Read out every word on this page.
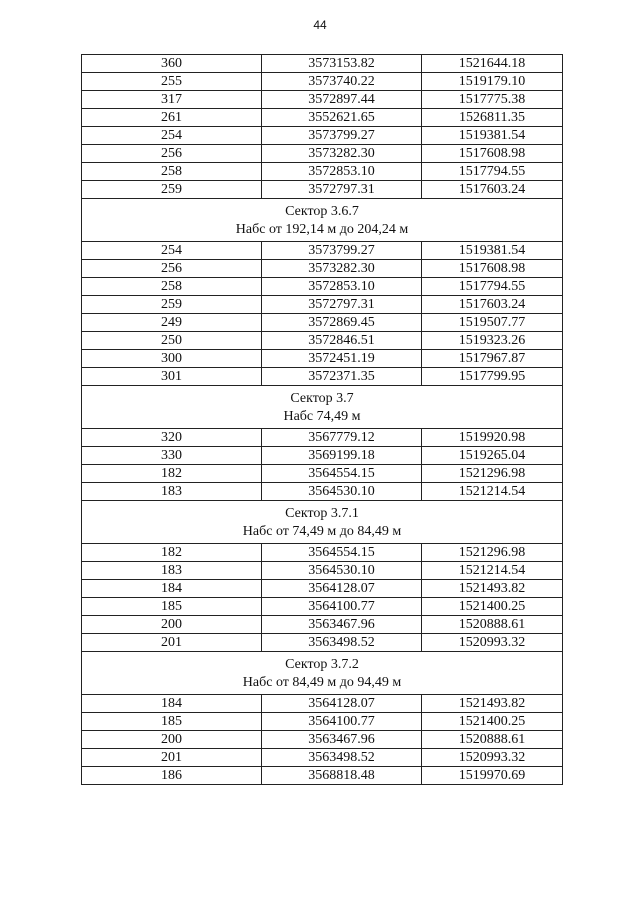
44
360	3573153.82	1521644.18
255	3573740.22	1519179.10
317	3572897.44	1517775.38
261	3552621.65	1526811.35
254	3573799.27	1519381.54
256	3573282.30	1517608.98
258	3572853.10	1517794.55
259	3572797.31	1517603.24

Сектор 3.6.7
Набс от 192,14 м до 204,24 м		

254	3573799.27	1519381.54
256	3573282.30	1517608.98
258	3572853.10	1517794.55
259	3572797.31	1517603.24
249	3572869.45	1519507.77
250	3572846.51	1519323.26
300	3572451.19	1517967.87
301	3572371.35	1517799.95

Сектор 3.7
Набс 74,49 м		

320	3567779.12	1519920.98
330	3569199.18	1519265.04
182	3564554.15	1521296.98
183	3564530.10	1521214.54

Сектор 3.7.1
Набс от 74,49 м до 84,49 м		

182	3564554.15	1521296.98
183	3564530.10	1521214.54
184	3564128.07	1521493.82
185	3564100.77	1521400.25
200	3563467.96	1520888.61
201	3563498.52	1520993.32

Сектор 3.7.2
Набс от 84,49 м до 94,49 м		

184	3564128.07	1521493.82
185	3564100.77	1521400.25
200	3563467.96	1520888.61
201	3563498.52	1520993.32
186	3568818.48	1519970.69
